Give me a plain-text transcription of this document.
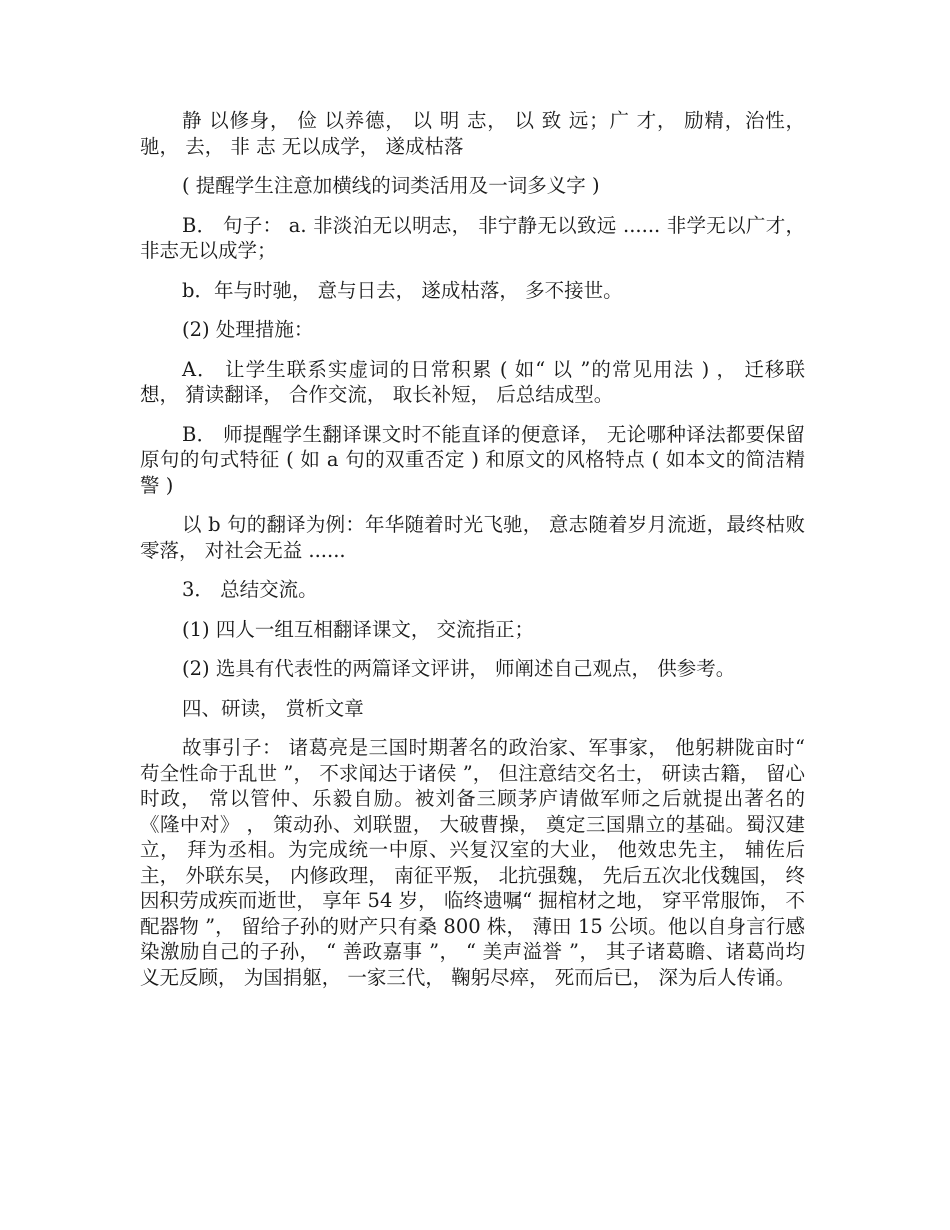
静 以修身， 俭 以养德， 以 明 志， 以 致 远；广 才， 励精，治性， 驰， 去， 非 志 无以成学， 遂成枯落

( 提醒学生注意加横线的词类活用及一词多义字 )

B． 句子： a. 非淡泊无以明志， 非宁静无以致远 ...... 非学无以广才， 非志无以成学；

b．年与时驰， 意与日去， 遂成枯落， 多不接世。

(2) 处理措施：

A． 让学生联系实虚词的日常积累 ( 如“ 以 ”的常见用法 ) ， 迁移联想， 猜读翻译， 合作交流， 取长补短， 后总结成型。

B． 师提醒学生翻译课文时不能直译的便意译， 无论哪种译法都要保留原句的句式特征 ( 如 a 句的双重否定 ) 和原文的风格特点 ( 如本文的简洁精警 )

以 b 句的翻译为例：年华随着时光飞驰， 意志随着岁月流逝，最终枯败零落， 对社会无益 ......

3． 总结交流。

(1) 四人一组互相翻译课文， 交流指正；

(2) 选具有代表性的两篇译文评讲， 师阐述自己观点， 供参考。

四、研读， 赏析文章

故事引子： 诸葛亮是三国时期著名的政治家、军事家， 他躬耕陇亩时“ 苟全性命于乱世 ”， 不求闻达于诸侯 ”， 但注意结交名士， 研读古籍， 留心时政， 常以管仲、乐毅自励。被刘备三顾茅庐请做军师之后就提出著名的《隆中对》 ， 策动孙、刘联盟， 大破曹操， 奠定三国鼎立的基础。蜀汉建立， 拜为丞相。为完成统一中原、兴复汉室的大业， 他效忠先主， 辅佐后主， 外联东吴， 内修政理， 南征平叛， 北抗强魏， 先后五次北伐魏国， 终因积劳成疾而逝世， 享年 54 岁， 临终遗嘱“ 掘棺材之地， 穿平常服饰， 不配器物 ”， 留给子孙的财产只有桑 800 株， 薄田 15 公顷。他以自身言行感染激励自己的子孙， “ 善政嘉事 ”， “ 美声溢誉 ”， 其子诸葛瞻、诸葛尚均义无反顾， 为国捐躯， 一家三代， 鞠躬尽瘁， 死而后已， 深为后人传诵。
